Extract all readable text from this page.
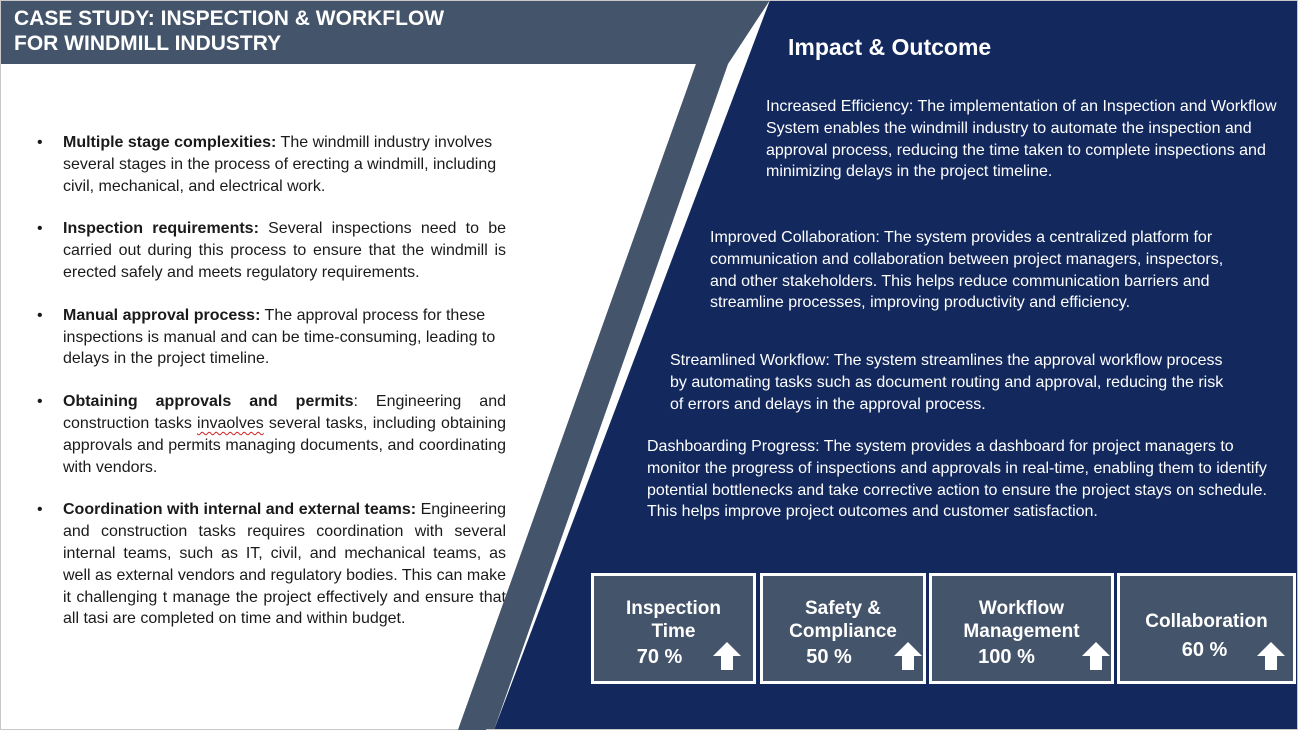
CASE STUDY: INSPECTION & WORKFLOW
FOR WINDMILL INDUSTRY
• Multiple stage complexities: The windmill industry involves several stages in the process of erecting a windmill, including civil, mechanical, and electrical work.
• Inspection requirements: Several inspections need to be carried out during this process to ensure that the windmill is erected safely and meets regulatory requirements.
• Manual approval process: The approval process for these inspections is manual and can be time-consuming, leading to delays in the project timeline.
• Obtaining approvals and permits: Engineering and construction tasks invaolves several tasks, including obtaining approvals and permits managing documents, and coordinating with vendors.
• Coordination with internal and external teams: Engineering and construction tasks requires coordination with several internal teams, such as IT, civil, and mechanical teams, as well as external vendors and regulatory bodies. This can make it challenging t manage the project effectively and ensure that all tasi are completed on time and within budget.
Impact & Outcome

Increased Efficiency: The implementation of an Inspection and Workflow System enables the windmill industry to automate the inspection and approval process, reducing the time taken to complete inspections and minimizing delays in the project timeline.

Improved Collaboration: The system provides a centralized platform for communication and collaboration between project managers, inspectors, and other stakeholders. This helps reduce communication barriers and streamline processes, improving productivity and efficiency.

Streamlined Workflow: The system streamlines the approval workflow process by automating tasks such as document routing and approval, reducing the risk of errors and delays in the approval process.

Dashboarding Progress: The system provides a dashboard for project managers to monitor the progress of inspections and approvals in real-time, enabling them to identify potential bottlenecks and take corrective action to ensure the project stays on schedule. This helps improve project outcomes and customer satisfaction.

Inspection
Time
70 %
Safety &
Compliance
50 %
Workflow
Management
100 %
Collaboration
60 %
